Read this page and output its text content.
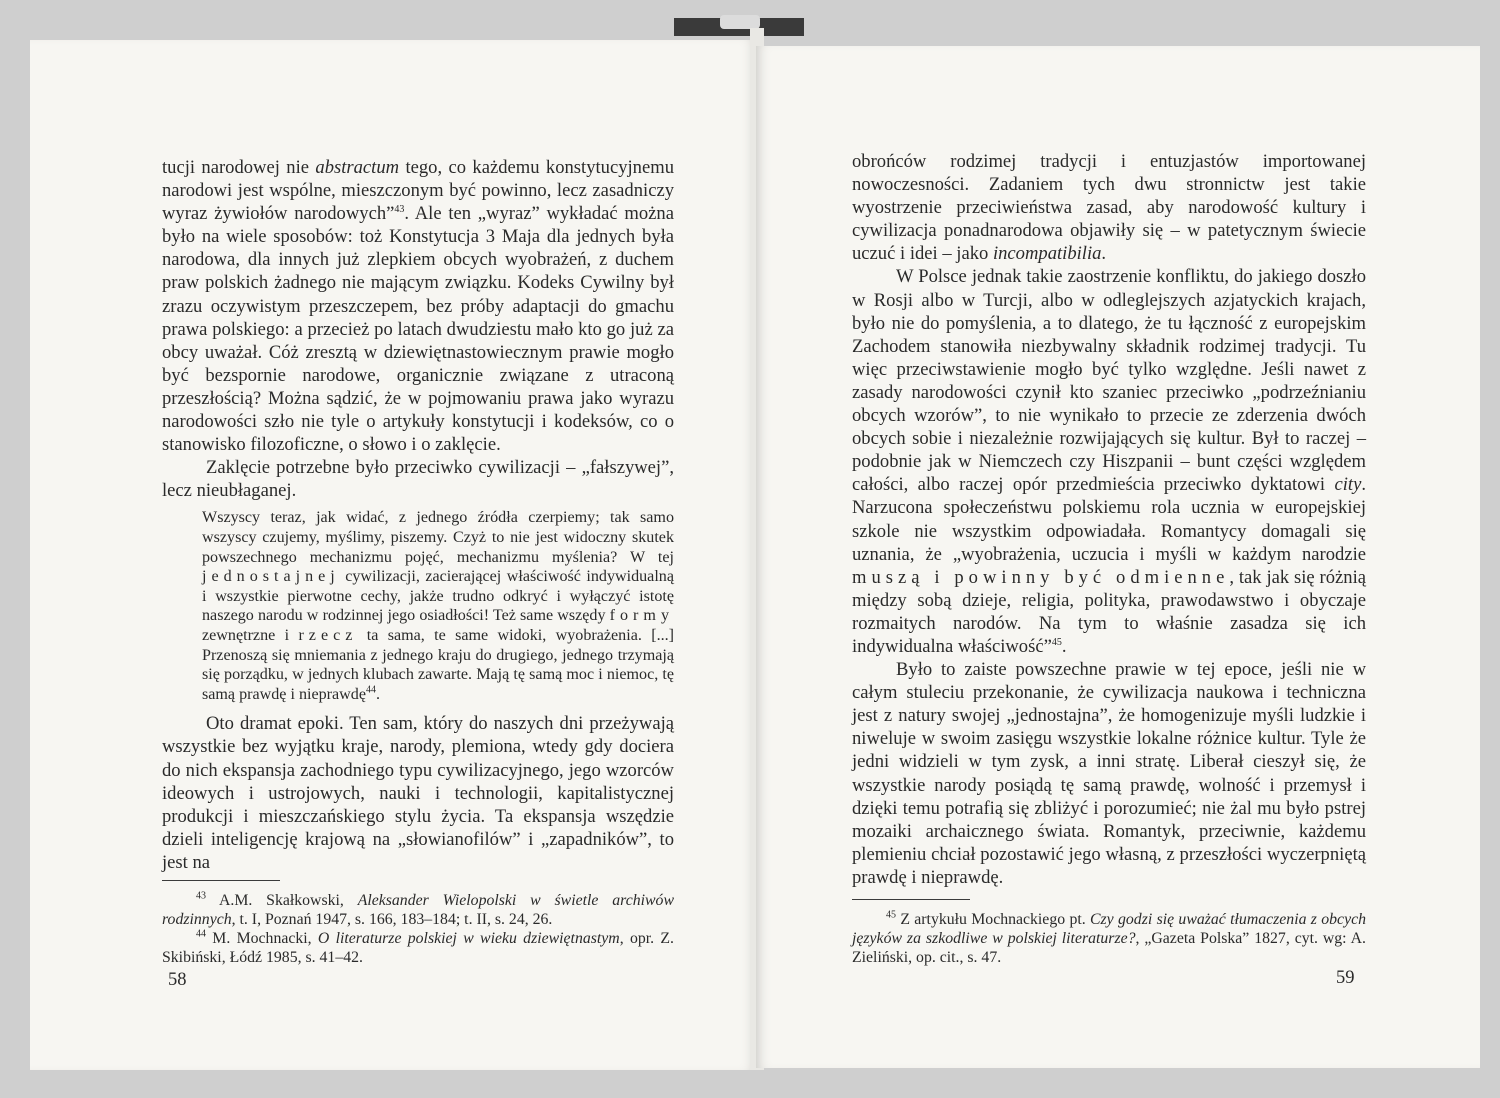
tucji narodowej nie abstractum tego, co każdemu konstytucyjnemu narodowi jest wspólne, mieszczonym być powinno, lecz zasadniczy wyraz żywiołów narodowych”$^{43}$. Ale ten „wyraz” wykładać można było na wiele sposobów: toż Konstytucja 3 Maja dla jednych była narodowa, dla innych już zlepkiem obcych wyobrażeń, z duchem praw polskich żadnego nie mającym związku. Kodeks Cywilny był zrazu oczywistym przeszczepem, bez próby adaptacji do gmachu prawa polskiego: a przecież po latach dwudziestu mało kto go już za obcy uważał. Cóż zresztą w dziewiętnastowiecznym prawie mogło być bezspornie narodowe, organicznie związane z utraconą przeszłością? Można sądzić, że w pojmowaniu prawa jako wyrazu narodowości szło nie tyle o artykuły konstytucji i kodeksów, co o stanowisko filozoficzne, o słowo i o zaklęcie.

Zaklęcie potrzebne było przeciwko cywilizacji – „fałszywej”, lecz nieubłaganej.

Wszyscy teraz, jak widać, z jednego źródła czerpiemy; tak samo wszyscy czujemy, myślimy, piszemy. Czyż to nie jest widoczny skutek powszechnego mechanizmu pojęć, mechanizmu myślenia? W tej jednostajnej cywilizacji, zacierającej właściwość indywidualną i wszystkie pierwotne cechy, jakże trudno odkryć i wyłączyć istotę naszego narodu w rodzinnej jego osiadłości! Też same wszędy formy zewnętrzne i rzecz ta sama, te same widoki, wyobrażenia. [...] Przenoszą się mniemania z jednego kraju do drugiego, jednego trzymają się porządku, w jednych klubach zawarte. Mają tę samą moc i niemoc, tę samą prawdę i nieprawdę$^{44}$.

Oto dramat epoki. Ten sam, który do naszych dni przeżywają wszystkie bez wyjątku kraje, narody, plemiona, wtedy gdy dociera do nich ekspansja zachodniego typu cywilizacyjnego, jego wzorców ideowych i ustrojowych, nauki i technologii, kapitalistycznej produkcji i mieszczańskiego stylu życia. Ta ekspansja wszędzie dzieli inteligencję krajową na „słowianofilów” i „zapadników”, to jest na

$^{43}$ A.M. Skałkowski, Aleksander Wielopolski w świetle archiwów rodzinnych, t. I, Poznań 1947, s. 166, 183–184; t. II, s. 24, 26.

$^{44}$ M. Mochnacki, O literaturze polskiej w wieku dziewiętnastym, opr. Z. Skibiński, Łódź 1985, s. 41–42.

58

obrońców rodzimej tradycji i entuzjastów importowanej nowoczesności. Zadaniem tych dwu stronnictw jest takie wyostrzenie przeciwieństwa zasad, aby narodowość kultury i cywilizacja ponadnarodowa objawiły się – w patetycznym świecie uczuć i idei – jako incompatibilia.

W Polsce jednak takie zaostrzenie konfliktu, do jakiego doszło w Rosji albo w Turcji, albo w odleglejszych azjatyckich krajach, było nie do pomyślenia, a to dlatego, że tu łączność z europejskim Zachodem stanowiła niezbywalny składnik rodzimej tradycji. Tu więc przeciwstawienie mogło być tylko względne. Jeśli nawet z zasady narodowości czynił kto szaniec przeciwko „podrzeźnianiu obcych wzorów”, to nie wynikało to przecie ze zderzenia dwóch obcych sobie i niezależnie rozwijających się kultur. Był to raczej – podobnie jak w Niemczech czy Hiszpanii – bunt części względem całości, albo raczej opór przedmieścia przeciwko dyktatowi city. Narzucona społeczeństwu polskiemu rola ucznia w europejskiej szkole nie wszystkim odpowiadała. Romantycy domagali się uznania, że „wyobrażenia, uczucia i myśli w każdym narodzie muszą i powinny być odmienne, tak jak się różnią między sobą dzieje, religia, polityka, prawodawstwo i obyczaje rozmaitych narodów. Na tym to właśnie zasadza się ich indywidualna właściwość”$^{45}$.

Było to zaiste powszechne prawie w tej epoce, jeśli nie w całym stuleciu przekonanie, że cywilizacja naukowa i techniczna jest z natury swojej „jednostajna”, że homogenizuje myśli ludzkie i niweluje w swoim zasięgu wszystkie lokalne różnice kultur. Tyle że jedni widzieli w tym zysk, a inni stratę. Liberał cieszył się, że wszystkie narody posiądą tę samą prawdę, wolność i przemysł i dzięki temu potrafią się zbliżyć i porozumieć; nie żal mu było pstrej mozaiki archaicznego świata. Romantyk, przeciwnie, każdemu plemieniu chciał pozostawić jego własną, z przeszłości wyczerpniętą prawdę i nieprawdę.

$^{45}$ Z artykułu Mochnackiego pt. Czy godzi się uważać tłumaczenia z obcych języków za szkodliwe w polskiej literaturze?, „Gazeta Polska” 1827, cyt. wg: A. Zieliński, op. cit., s. 47.

59
